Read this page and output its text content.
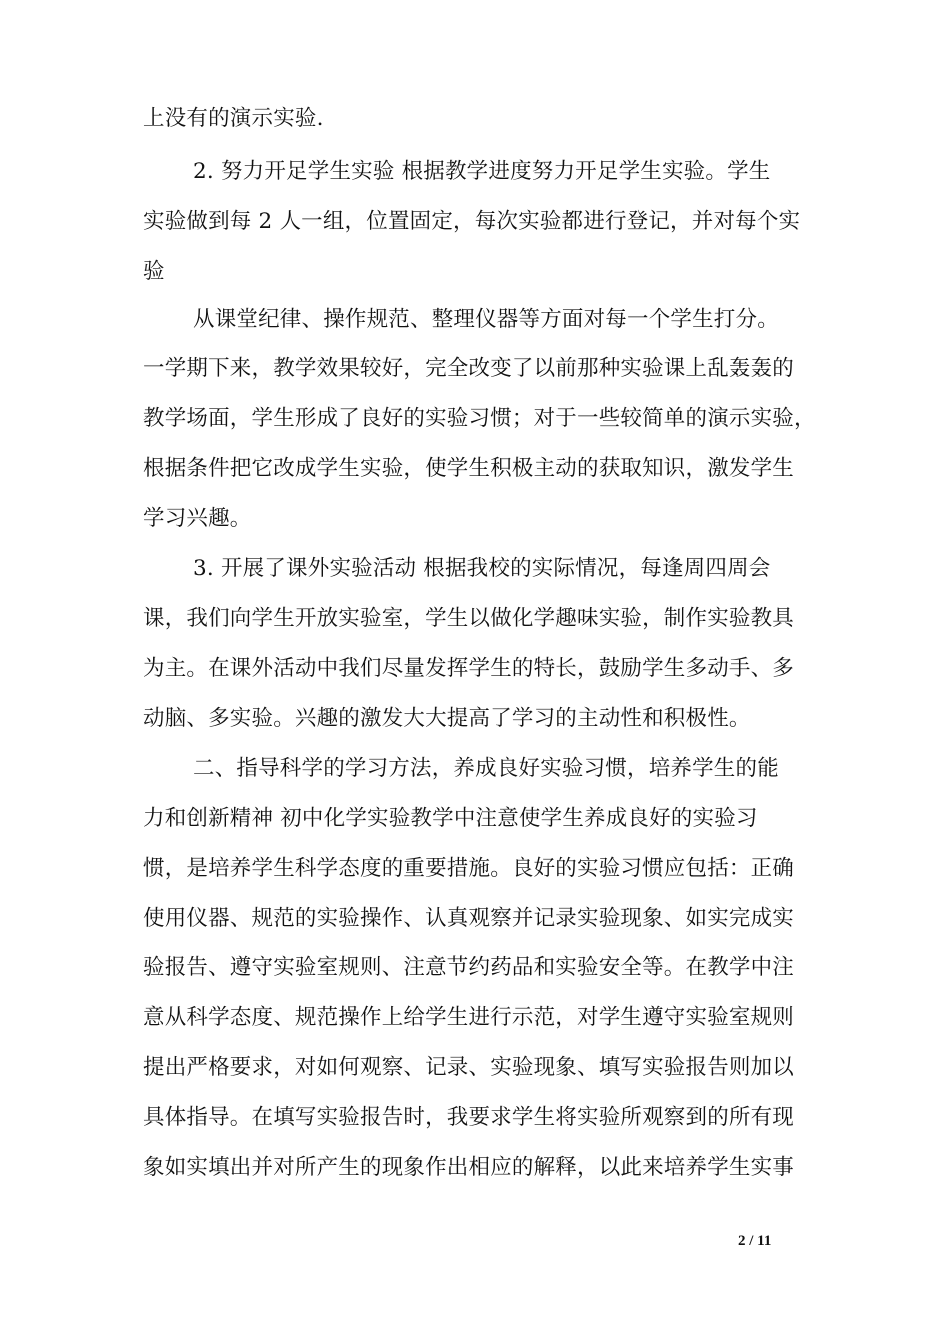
上没有的演示实验.
2. 努力开足学生实验 根据教学进度努力开足学生实验。学生
实验做到每 2 人一组，位置固定，每次实验都进行登记，并对每个实
验
从课堂纪律、操作规范、整理仪器等方面对每一个学生打分。
一学期下来，教学效果较好，完全改变了以前那种实验课上乱轰轰的
教学场面，学生形成了良好的实验习惯；对于一些较简单的演示实验，
根据条件把它改成学生实验，使学生积极主动的获取知识，激发学生
学习兴趣。
3. 开展了课外实验活动 根据我校的实际情况，每逢周四周会
课，我们向学生开放实验室，学生以做化学趣味实验，制作实验教具
为主。在课外活动中我们尽量发挥学生的特长，鼓励学生多动手、多
动脑、多实验。兴趣的激发大大提高了学习的主动性和积极性。
二、指导科学的学习方法，养成良好实验习惯，培养学生的能
力和创新精神 初中化学实验教学中注意使学生养成良好的实验习
惯，是培养学生科学态度的重要措施。良好的实验习惯应包括：正确
使用仪器、规范的实验操作、认真观察并记录实验现象、如实完成实
验报告、遵守实验室规则、注意节约药品和实验安全等。在教学中注
意从科学态度、规范操作上给学生进行示范，对学生遵守实验室规则
提出严格要求，对如何观察、记录、实验现象、填写实验报告则加以
具体指导。在填写实验报告时，我要求学生将实验所观察到的所有现
象如实填出并对所产生的现象作出相应的解释，以此来培养学生实事
2 / 11
